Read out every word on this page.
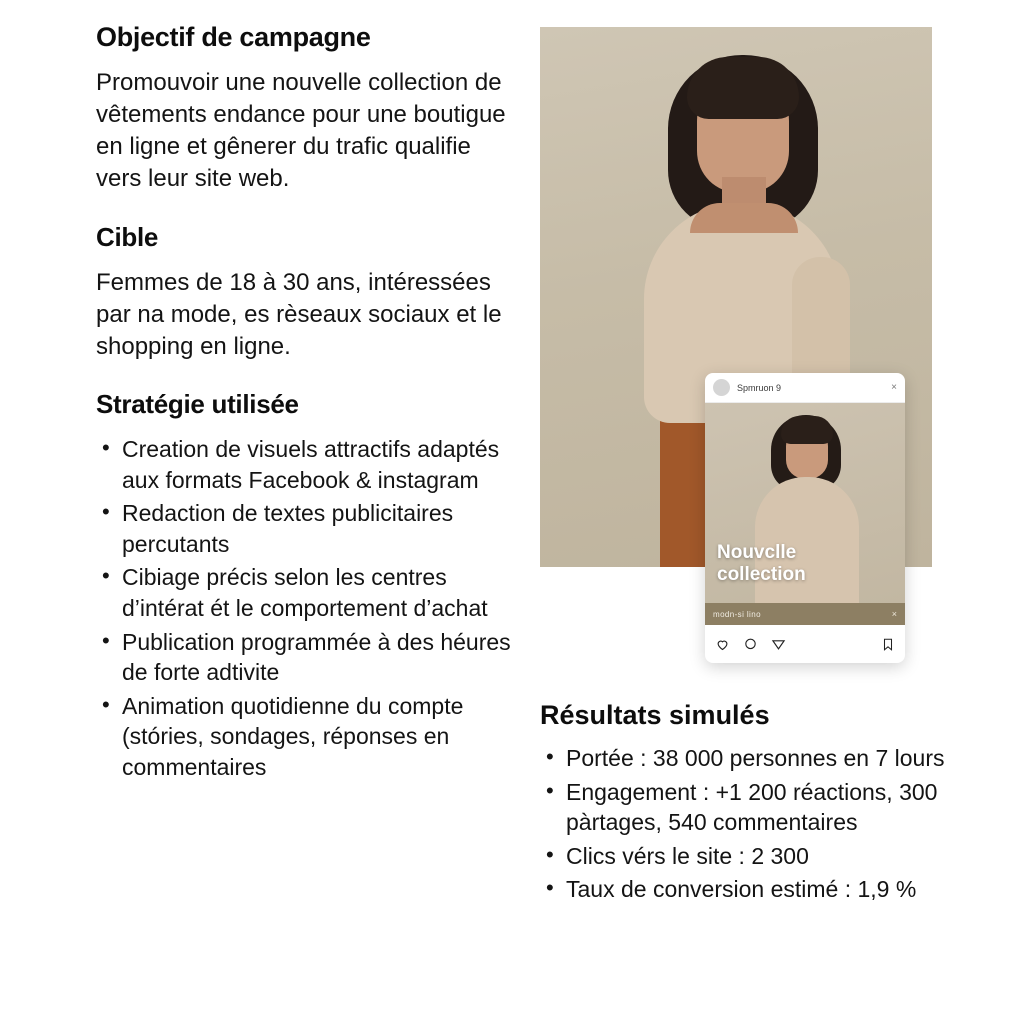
Objectif de campagne

Promouvoir une nouvelle collection de vêtements endance pour une boutigue en ligne et gênerer du trafic qualifie vers leur site web.

Cible

Femmes de 18 à 30 ans, intéressées par na mode, es rèseaux sociaux et le shopping en ligne.

Stratégie utilisée
• Creation de visuels attractifs adaptés aux formats Facebook & instagram
• Redaction de textes publicitaires percutants
• Cibiage précis selon les centres d’intérat ét le comportement d’achat
• Publication programmée à des héures de forte adtivite
• Animation quotidienne du compte (stóries, sondages, réponses en commentaires
Spmruon 9	×
Nouvclle
collection
modn-si lino	×
Résultats simulés
• Portée : 38 000 personnes en 7 lours
• Engagement : +1 200 réactions, 300 pàrtages, 540 commentaires
• Clics vérs le site : 2 300
• Taux de conversion estimé : 1,9 %
